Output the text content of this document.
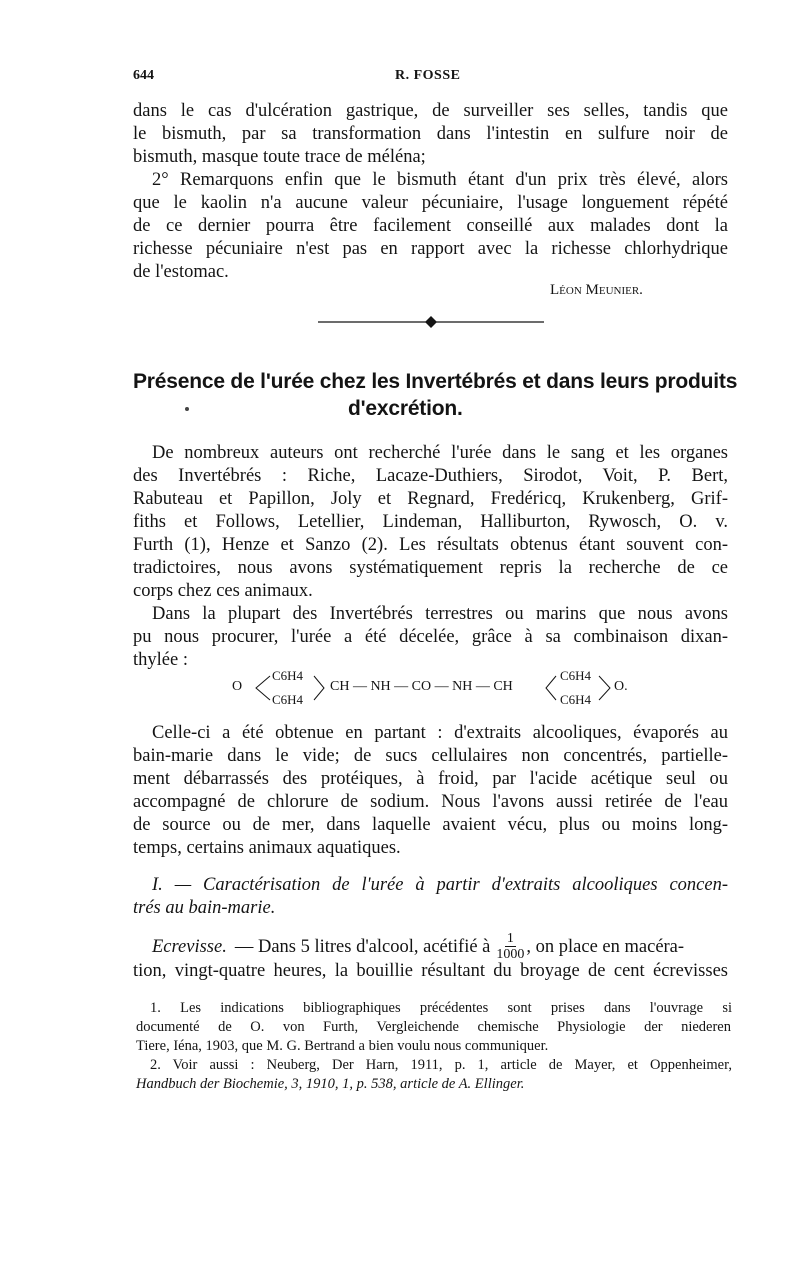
644	R. FOSSE
dans le cas d'ulcération gastrique, de surveiller ses selles, tandis que
le bismuth, par sa transformation dans l'intestin en sulfure noir de
bismuth, masque toute trace de méléna;
2° Remarquons enfin que le bismuth étant d'un prix très élevé, alors
que le kaolin n'a aucune valeur pécuniaire, l'usage longuement répété
de ce dernier pourra être facilement conseillé aux malades dont la
richesse pécuniaire n'est pas en rapport avec la richesse chlorhydrique
de l'estomac.
Léon Meunier.
Présence de l'urée chez les Invertébrés et dans leurs produits
d'excrétion.
De nombreux auteurs ont recherché l'urée dans le sang et les organes
des Invertébrés : Riche, Lacaze-Duthiers, Sirodot, Voit, P. Bert,
Rabuteau et Papillon, Joly et Regnard, Fredéricq, Krukenberg, Grif-
fiths et Follows, Letellier, Lindeman, Halliburton, Rywosch, O. v.
Furth (1), Henze et Sanzo (2). Les résultats obtenus étant souvent con-
tradictoires, nous avons systématiquement repris la recherche de ce
corps chez ces animaux.
Dans la plupart des Invertébrés terrestres ou marins que nous avons
pu nous procurer, l'urée a été décelée, grâce à sa combinaison dixan-
thylée :
O
C6H4
C6H4
CH — NH — CO — NH — CH
C6H4
C6H4
O.
Celle-ci a été obtenue en partant : d'extraits alcooliques, évaporés au
bain-marie dans le vide; de sucs cellulaires non concentrés, partielle-
ment débarrassés des protéiques, à froid, par l'acide acétique seul ou
accompagné de chlorure de sodium. Nous l'avons aussi retirée de l'eau
de source ou de mer, dans laquelle avaient vécu, plus ou moins long-
temps, certains animaux aquatiques.
I. — Caractérisation de l'urée à partir d'extraits alcooliques concen-
trés au bain-marie.
Ecrevisse. — Dans 5 litres d'alcool, acétifié à $\frac{1}{1000}$ , on place en macéra-
tion, vingt-quatre heures, la bouillie résultant du broyage de cent écrevisses
1. Les indications bibliographiques précédentes sont prises dans l'ouvrage si
documenté de O. von Furth, Vergleichende chemische Physiologie der niederen
Tiere, Iéna, 1903, que M. G. Bertrand a bien voulu nous communiquer.
2. Voir aussi : Neuberg, Der Harn, 1911, p. 1, article de Mayer, et Oppenheimer,
Handbuch der Biochemie, 3, 1910, 1, p. 538, article de A. Ellinger.
